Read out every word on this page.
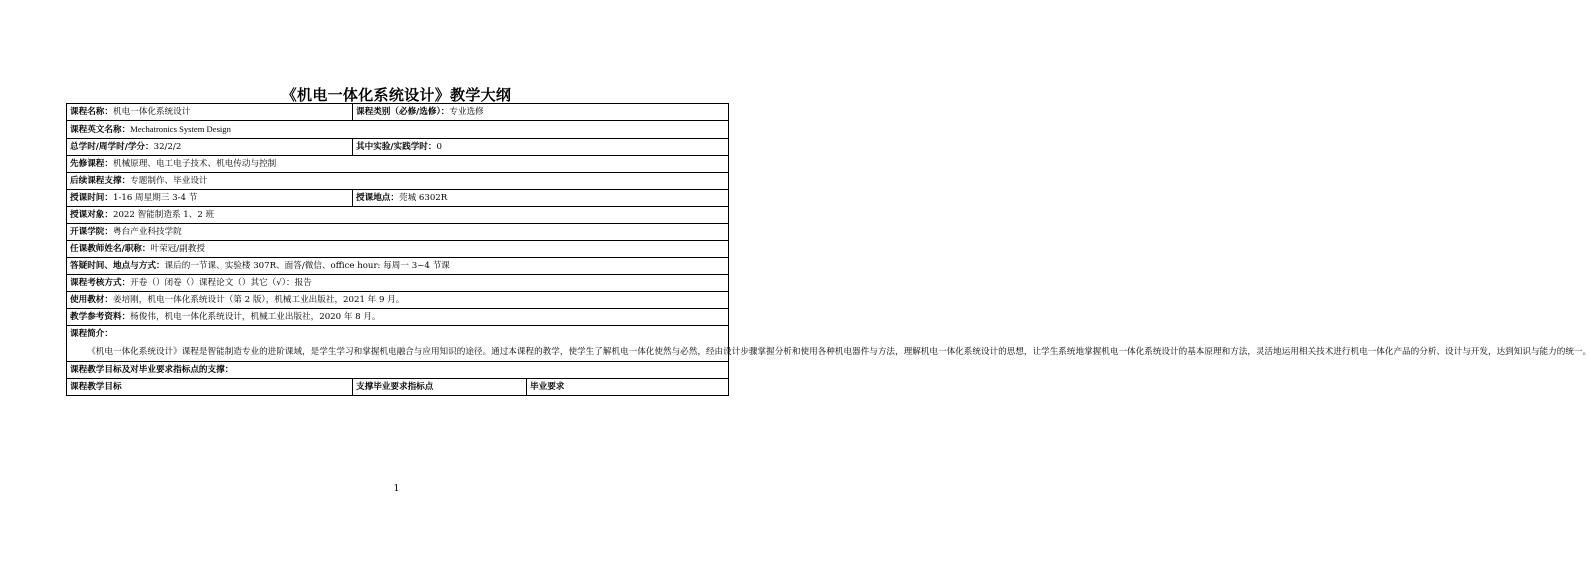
《机电一体化系统设计》教学大纲
课程名称：机电一体化系统设计	课程类别（必修/选修）：专业选修	
课程英文名称：Mechatronics System Design		
总学时/周学时/学分：32/2/2	其中实验/实践学时：0	
先修课程：机械原理、电工电子技术、机电传动与控制		
后续课程支撑：专题制作、毕业设计		
授课时间：1-16 周星期三 3-4 节	授课地点：莞城 6302R	
授课对象：2022 智能制造系 1、2 班		
开课学院：粤台产业科技学院		
任课教师姓名/职称：叶荣冠/副教授		
答疑时间、地点与方式：课后的一节课、实验楼 307R、面答/微信、office hour: 每周一 3~4 节课		
课程考核方式：开卷（）闭卷（）课程论文（）其它（√）：报告		
使用教材：姜培刚，机电一体化系统设计（第 2 版），机械工业出版社，2021 年 9 月。		
教学参考资料：杨俊伟，机电一体化系统设计，机械工业出版社，2020 年 8 月。		

课程简介：
《机电一体化系统设计》课程是智能制造专业的进阶课域，是学生学习和掌握机电融合与应用知识的途径。通过本课程的教学，使学生了解机电一体化使然与必然，经由设计步骤掌握分析和使用各种机电器件与方法，理解机电一体化系统设计的思想，让学生系统地掌握机电一体化系统设计的基本原理和方法，灵活地运用相关技术进行机电一体化产品的分析、设计与开发，达到知识与能力的统一。		

课程教学目标及对毕业要求指标点的支撑：		
课程教学目标	支撑毕业要求指标点	毕业要求
1
